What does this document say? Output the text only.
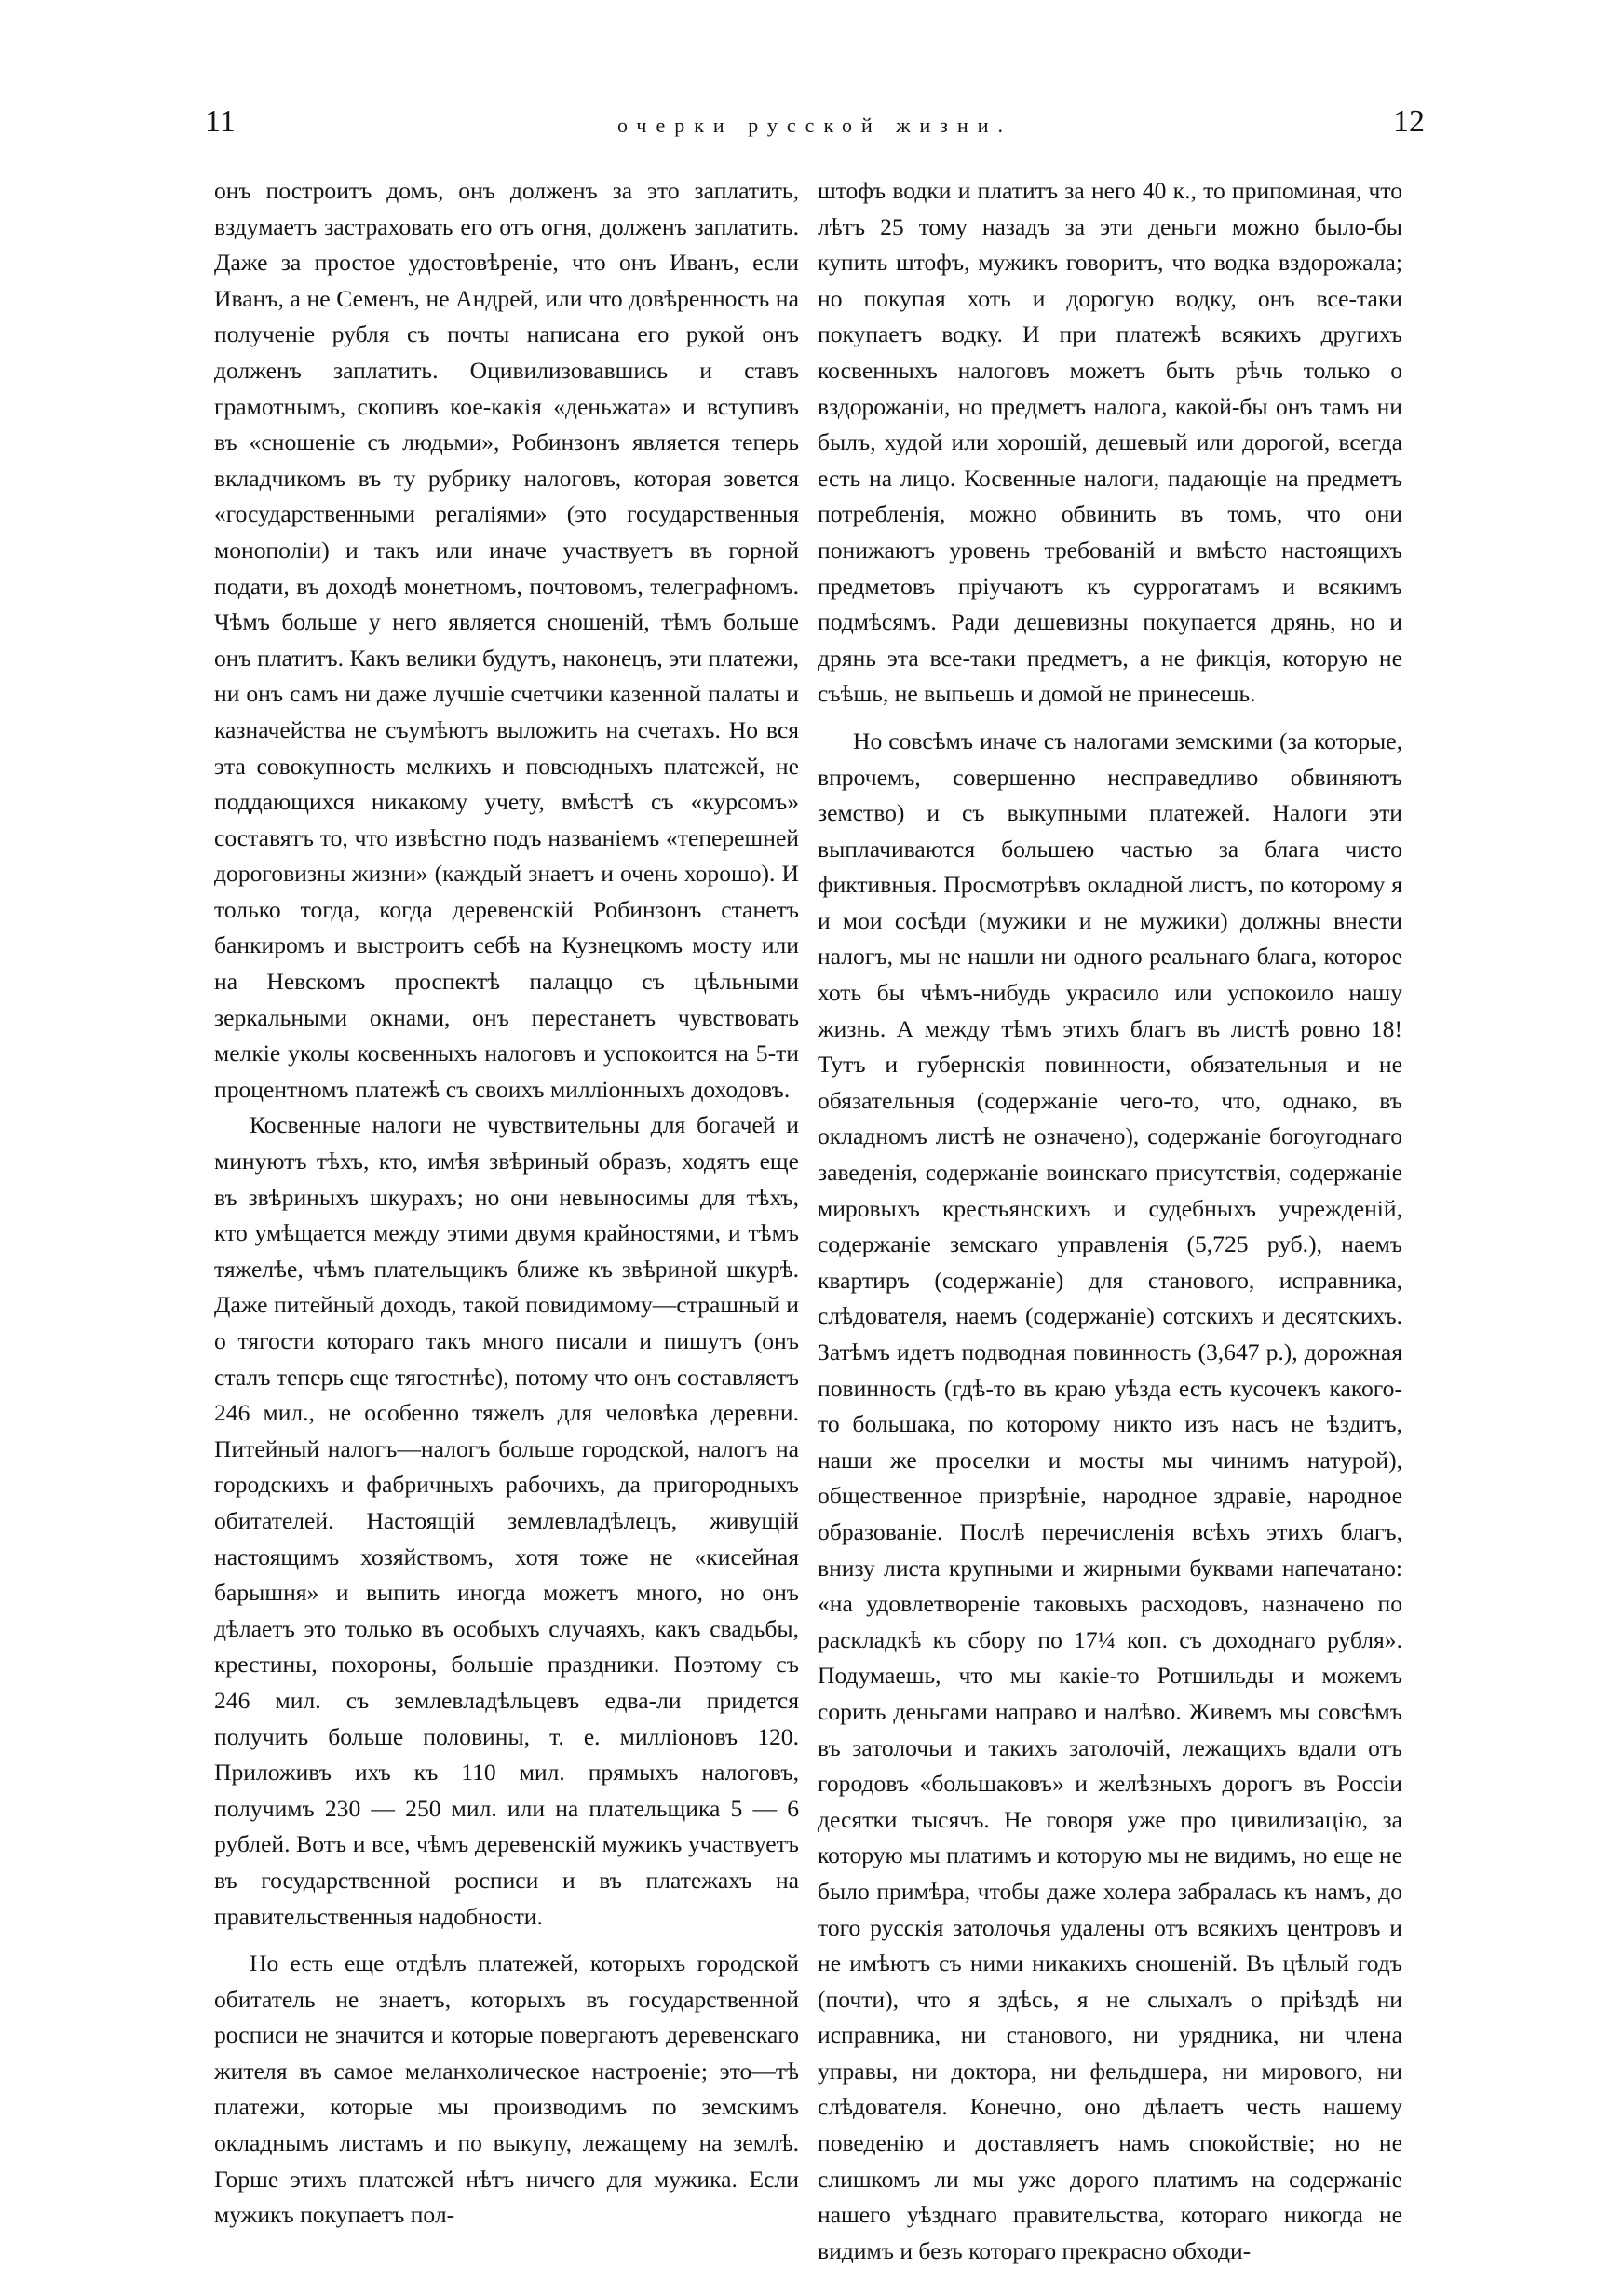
11	очерки русской жизни.	12

онъ построитъ домъ, онъ долженъ за это заплатить, вздумаетъ застраховать его отъ огня, долженъ заплатить. Даже за простое удостовѣреніе, что онъ Иванъ, если Иванъ, а не Семенъ, не Андрей, или что довѣренность на полученіе рубля съ почты написана его рукой онъ долженъ заплатить. Оцивилизовавшись и ставъ грамотнымъ, скопивъ кое-какія «деньжата» и вступивъ въ «сношеніе съ людьми», Робинзонъ является теперь вкладчикомъ въ ту рубрику налоговъ, которая зовется «государственными регаліями» (это государственныя монополіи) и такъ или иначе участвуетъ въ горной подати, въ доходѣ монетномъ, почтовомъ, телеграфномъ. Чѣмъ больше у него является сношеній, тѣмъ больше онъ платитъ. Какъ велики будутъ, наконецъ, эти платежи, ни онъ самъ ни даже лучшіе счетчики казенной палаты и казначейства не съумѣютъ выложить на счетахъ. Но вся эта совокупность мелкихъ и повсюдныхъ платежей, не поддающихся никакому учету, вмѣстѣ съ «курсомъ» составятъ то, что извѣстно подъ названіемъ «теперешней дороговизны жизни» (каждый знаетъ и очень хорошо). И только тогда, когда деревенскій Робинзонъ станетъ банкиромъ и выстроитъ себѣ на Кузнецкомъ мосту или на Невскомъ проспектѣ палаццо съ цѣльными зеркальными окнами, онъ перестанетъ чувствовать мелкіе уколы косвенныхъ налоговъ и успокоится на 5-ти процентномъ платежѣ съ своихъ милліонныхъ доходовъ.

Косвенные налоги не чувствительны для богачей и минуютъ тѣхъ, кто, имѣя звѣриный образъ, ходятъ еще въ звѣриныхъ шкурахъ; но они невыносимы для тѣхъ, кто умѣщается между этими двумя крайностями, и тѣмъ тяжелѣе, чѣмъ плательщикъ ближе къ звѣриной шкурѣ. Даже питейный доходъ, такой повидимому—страшный и о тягости котораго такъ много писали и пишутъ (онъ сталъ теперь еще тягостнѣе), потому что онъ составляетъ 246 мил., не особенно тяжелъ для человѣка деревни. Питейный налогъ—налогъ больше городской, налогъ на городскихъ и фабричныхъ рабочихъ, да пригородныхъ обитателей. Настоящій землевладѣлецъ, живущій настоящимъ хозяйствомъ, хотя тоже не «кисейная барышня» и выпить иногда можетъ много, но онъ дѣлаетъ это только въ особыхъ случаяхъ, какъ свадьбы, крестины, похороны, большіе праздники. Поэтому съ 246 мил. съ землевладѣльцевъ едва-ли придется получить больше половины, т. е. милліоновъ 120. Приложивъ ихъ къ 110 мил. прямыхъ налоговъ, получимъ 230 — 250 мил. или на плательщика 5 — 6 рублей. Вотъ и все, чѣмъ деревенскій мужикъ участвуетъ въ государственной росписи и въ платежахъ на правительственныя надобности.

Но есть еще отдѣлъ платежей, которыхъ городской обитатель не знаетъ, которыхъ въ государственной росписи не значится и которые повергаютъ деревенскаго жителя въ самое меланхолическое настроеніе; это—тѣ платежи, которые мы производимъ по земскимъ окладнымъ листамъ и по выкупу, лежащему на землѣ. Горше этихъ платежей нѣтъ ничего для мужика. Если мужикъ покупаетъ пол-

штофъ водки и платитъ за него 40 к., то припоминая, что лѣтъ 25 тому назадъ за эти деньги можно было-бы купить штофъ, мужикъ говоритъ, что водка вздорожала; но покупая хоть и дорогую водку, онъ все-таки покупаетъ водку. И при платежѣ всякихъ другихъ косвенныхъ налоговъ можетъ быть рѣчь только о вздорожаніи, но предметъ налога, какой-бы онъ тамъ ни былъ, худой или хорошій, дешевый или дорогой, всегда есть на лицо. Косвенные налоги, падающіе на предметъ потребленія, можно обвинить въ томъ, что они понижаютъ уровень требованій и вмѣсто настоящихъ предметовъ пріучаютъ къ суррогатамъ и всякимъ подмѣсямъ. Ради дешевизны покупается дрянь, но и дрянь эта все-таки предметъ, а не фикція, которую не съѣшь, не выпьешь и домой не принесешь.

Но совсѣмъ иначе съ налогами земскими (за которые, впрочемъ, совершенно несправедливо обвиняютъ земство) и съ выкупными платежей. Налоги эти выплачиваются большею частью за блага чисто фиктивныя. Просмотрѣвъ окладной листъ, по которому я и мои сосѣди (мужики и не мужики) должны внести налогъ, мы не нашли ни одного реальнаго блага, которое хоть бы чѣмъ-нибудь украсило или успокоило нашу жизнь. А между тѣмъ этихъ благъ въ листѣ ровно 18! Тутъ и губернскія повинности, обязательныя и не обязательныя (содержаніе чего-то, что, однако, въ окладномъ листѣ не означено), содержаніе богоугоднаго заведенія, содержаніе воинскаго присутствія, содержаніе мировыхъ крестьянскихъ и судебныхъ учрежденій, содержаніе земскаго управленія (5,725 руб.), наемъ квартиръ (содержаніе) для станового, исправника, слѣдователя, наемъ (содержаніе) сотскихъ и десятскихъ. Затѣмъ идетъ подводная повинность (3,647 р.), дорожная повинность (гдѣ-то въ краю уѣзда есть кусочекъ какого-то большака, по которому никто изъ насъ не ѣздитъ, наши же проселки и мосты мы чинимъ натурой), общественное призрѣніе, народное здравіе, народное образованіе. Послѣ перечисленія всѣхъ этихъ благъ, внизу листа крупными и жирными буквами напечатано: «на удовлетвореніе таковыхъ расходовъ, назначено по раскладкѣ къ сбору по 17¼ коп. съ доходнаго рубля». Подумаешь, что мы какіе-то Ротшильды и можемъ сорить деньгами направо и налѣво. Живемъ мы совсѣмъ въ затолочьи и такихъ затолочій, лежащихъ вдали отъ городовъ «большаковъ» и желѣзныхъ дорогъ въ Россіи десятки тысячъ. Не говоря уже про цивилизацію, за которую мы платимъ и которую мы не видимъ, но еще не было примѣра, чтобы даже холера забралась къ намъ, до того русскія затолочья удалены отъ всякихъ центровъ и не имѣютъ съ ними никакихъ сношеній. Въ цѣлый годъ (почти), что я здѣсь, я не слыхалъ о пріѣздѣ ни исправника, ни станового, ни урядника, ни члена управы, ни доктора, ни фельдшера, ни мирового, ни слѣдователя. Конечно, оно дѣлаетъ честь нашему поведенію и доставляетъ намъ спокойствіе; но не слишкомъ ли мы уже дорого платимъ на содержаніе нашего уѣзднаго правительства, котораго никогда не видимъ и безъ котораго прекрасно обходи-
